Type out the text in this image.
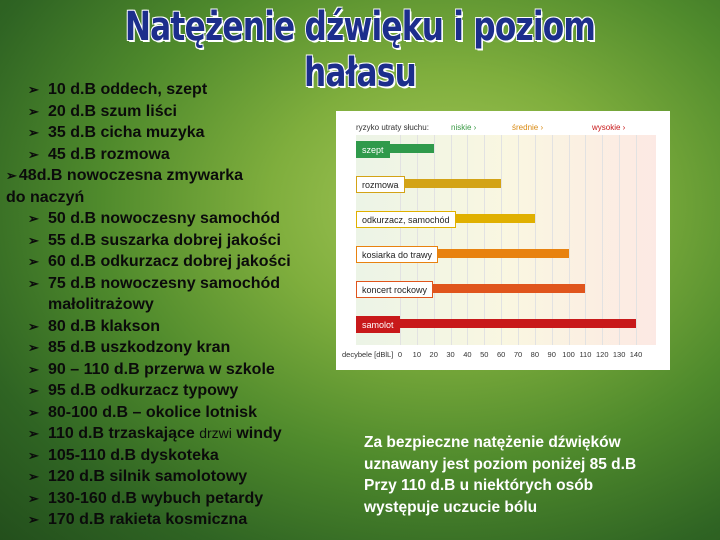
Natężenie dźwięku i poziom hałasu
➢ 10 d.B oddech, szept
➢ 20 d.B szum liści
➢ 35 d.B cicha muzyka
➢ 45 d.B rozmowa
➢ 48d.B nowoczesna zmywarka
do naczyń
➢ 50 d.B nowoczesny samochód
➢ 55 d.B suszarka dobrej jakości
➢ 60 d.B odkurzacz dobrej jakości
➢ 75 d.B nowoczesny samochód
małolitrażowy
➢ 80 d.B klakson
➢ 85 d.B uszkodzony kran
➢ 90 – 110 d.B przerwa w szkole
➢ 95 d.B odkurzacz typowy
➢ 80-100 d.B – okolice lotnisk
➢ 110 d.B trzaskające drzwi windy
➢ 105-110 d.B dyskoteka
➢ 120 d.B silnik samolotowy
➢ 130-160 d.B wybuch petardy
➢ 170 d.B rakieta kosmiczna
ryzyko utraty słuchu:	niskie ›	średnie ›	wysokie ›
decybele [dBlL] 0	10	20	30	40	50	60	70	80	90 100 110 120 130 140
szept
rozmowa
odkurzacz, samochód
kosiarka do trawy
koncert rockowy
samolot
Za bezpieczne natężenie dźwięków
uznawany jest poziom poniżej 85 d.B
Przy 110 d.B u niektórych osób
występuje uczucie bólu
